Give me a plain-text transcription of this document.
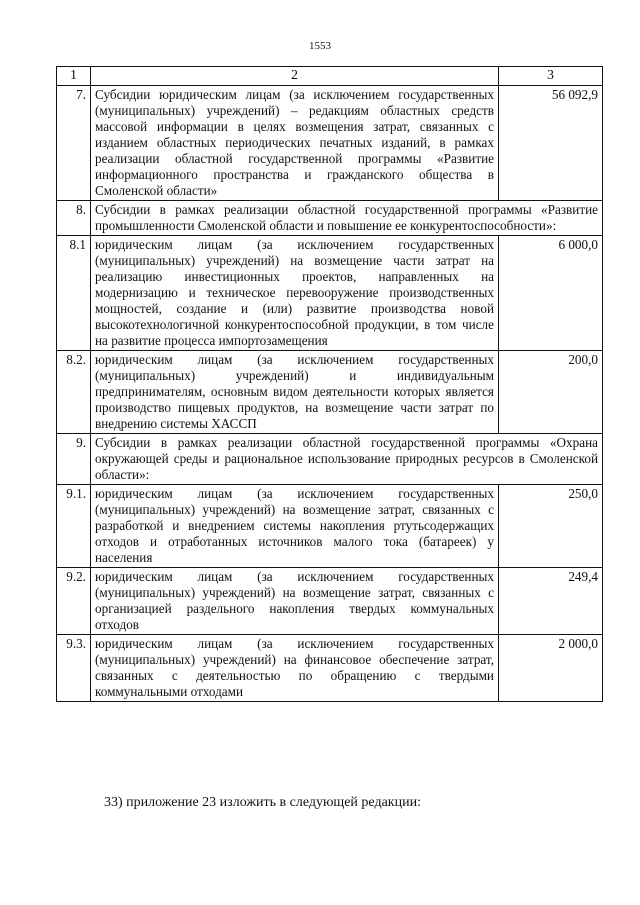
1553
1	2	3
7.	Субсидии юридическим лицам (за исключением государственных (муниципальных) учреждений) – редакциям областных средств массовой информации в целях возмещения затрат, связанных с изданием областных периодических печатных изданий, в рамках реализации областной государственной программы «Развитие информационного пространства и гражданского общества в Смоленской области»	56 092,9
8.	Субсидии в рамках реализации областной государственной программы «Развитие промышленности Смоленской области и повышение ее конкурентоспособности»:	
8.1	юридическим лицам (за исключением государственных (муниципальных) учреждений) на возмещение части затрат на реализацию инвестиционных проектов, направленных на модернизацию и техническое перевооружение производственных мощностей, создание и (или) развитие производства новой высокотехнологичной конкурентоспособной продукции, в том числе на развитие процесса импортозамещения	6 000,0
8.2.	юридическим лицам (за исключением государственных (муниципальных) учреждений) и индивидуальным предпринимателям, основным видом деятельности которых является производство пищевых продуктов, на возмещение части затрат по внедрению системы ХАССП	200,0
9.	Субсидии в рамках реализации областной государственной программы «Охрана окружающей среды и рациональное использование природных ресурсов в Смоленской области»:	
9.1.	юридическим лицам (за исключением государственных (муниципальных) учреждений) на возмещение затрат, связанных с разработкой и внедрением системы накопления ртутьсодержащих отходов и отработанных источников малого тока (батареек) у населения	250,0
9.2.	юридическим лицам (за исключением государственных (муниципальных) учреждений) на возмещение затрат, связанных с организацией раздельного накопления твердых коммунальных отходов	249,4
9.3.	юридическим лицам (за исключением государственных (муниципальных) учреждений) на финансовое обеспечение затрат, связанных с деятельностью по обращению с твердыми коммунальными отходами	2 000,0
33) приложение 23 изложить в следующей редакции:
